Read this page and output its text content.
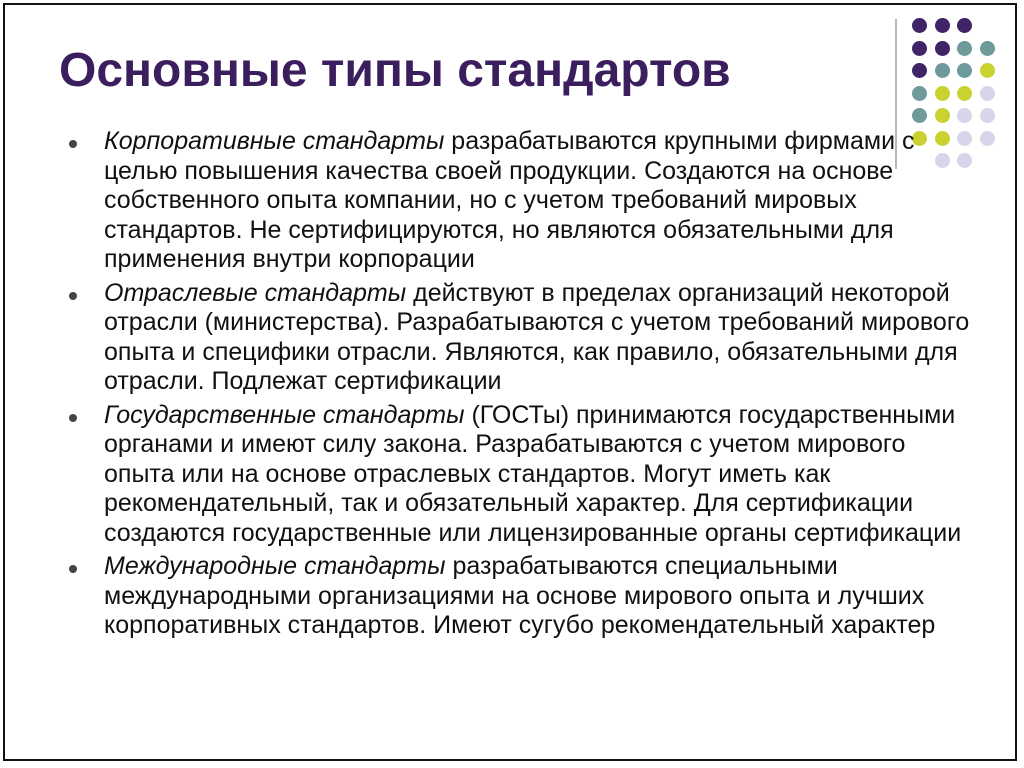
Основные типы стандартов
Корпоративные стандарты разрабатываются крупными фирмами с целью повышения качества своей продукции. Создаются на основе собственного опыта компании, но с учетом требований мировых стандартов. Не сертифицируются, но являются обязательными для применения внутри корпорации
Отраслевые стандарты действуют в пределах организаций некоторой отрасли (министерства). Разрабатываются с учетом требований мирового опыта и специфики отрасли. Являются, как правило, обязательными для отрасли. Подлежат сертификации
Государственные стандарты (ГОСТы) принимаются государственными органами и имеют силу закона. Разрабатываются с учетом мирового опыта или на основе отраслевых стандартов. Могут иметь как рекомендательный, так и обязательный характер. Для сертификации создаются государственные или лицензированные органы сертификации
Международные стандарты разрабатываются специальными международными организациями на основе мирового опыта и лучших корпоративных стандартов. Имеют сугубо рекомендательный характер
